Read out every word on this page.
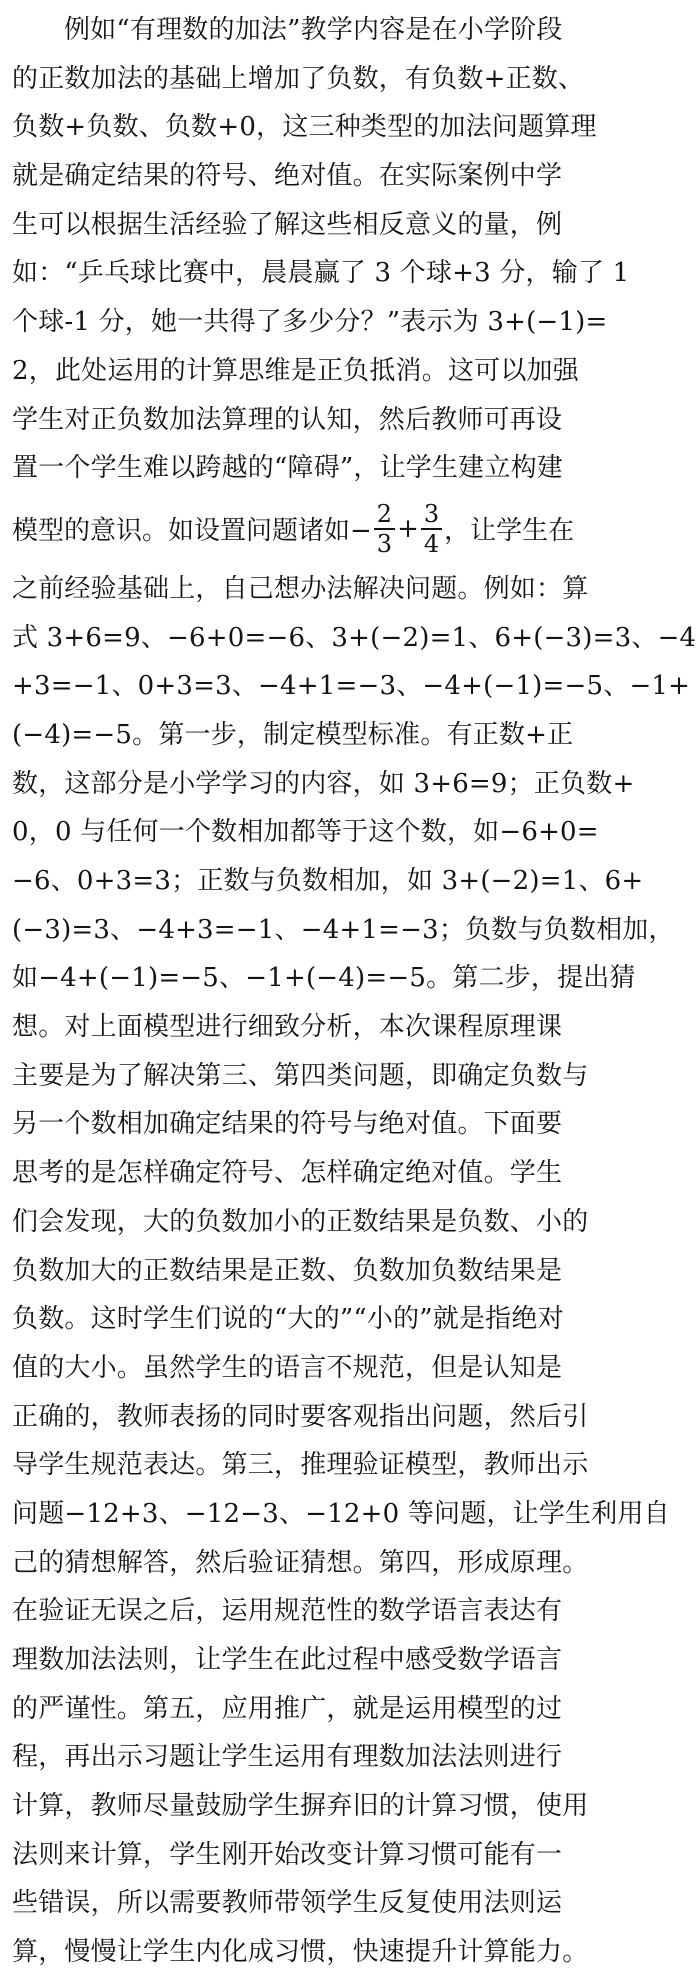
例如“有理数的加法”教学内容是在小学阶段
的正数加法的基础上增加了负数，有负数+正数、
负数+负数、负数+0，这三种类型的加法问题算理
就是确定结果的符号、绝对值。在实际案例中学
生可以根据生活经验了解这些相反意义的量，例
如：“乒乓球比赛中，晨晨赢了 3 个球+3 分，输了 1
个球-1 分，她一共得了多少分？”表示为 3+(−1)=
2，此处运用的计算思维是正负抵消。这可以加强
学生对正负数加法算理的认知，然后教师可再设
置一个学生难以跨越的“障碍”，让学生建立构建
模型的意识。如设置问题诸如− $\frac{2}{3} + \frac{3}{4}$ ，让学生在
之前经验基础上，自己想办法解决问题。例如：算
式 3+6=9、−6+0=−6、3+(−2)=1、6+(−3)=3、−4
+3=−1、0+3=3、−4+1=−3、−4+(−1)=−5、−1+
(−4)=−5。第一步，制定模型标准。有正数+正
数，这部分是小学学习的内容，如 3+6=9；正负数+
0，0 与任何一个数相加都等于这个数，如−6+0=
−6、0+3=3；正数与负数相加，如 3+(−2)=1、6+
(−3)=3、−4+3=−1、−4+1=−3；负数与负数相加，
如−4+(−1)=−5、−1+(−4)=−5。第二步，提出猜
想。对上面模型进行细致分析，本次课程原理课
主要是为了解决第三、第四类问题，即确定负数与
另一个数相加确定结果的符号与绝对值。下面要
思考的是怎样确定符号、怎样确定绝对值。学生
们会发现，大的负数加小的正数结果是负数、小的
负数加大的正数结果是正数、负数加负数结果是
负数。这时学生们说的“大的”“小的”就是指绝对
值的大小。虽然学生的语言不规范，但是认知是
正确的，教师表扬的同时要客观指出问题，然后引
导学生规范表达。第三，推理验证模型，教师出示
问题−12+3、−12−3、−12+0 等问题，让学生利用自
己的猜想解答，然后验证猜想。第四，形成原理。
在验证无误之后，运用规范性的数学语言表达有
理数加法法则，让学生在此过程中感受数学语言
的严谨性。第五，应用推广，就是运用模型的过
程，再出示习题让学生运用有理数加法法则进行
计算，教师尽量鼓励学生摒弃旧的计算习惯，使用
法则来计算，学生刚开始改变计算习惯可能有一
些错误，所以需要教师带领学生反复使用法则运
算，慢慢让学生内化成习惯，快速提升计算能力。
